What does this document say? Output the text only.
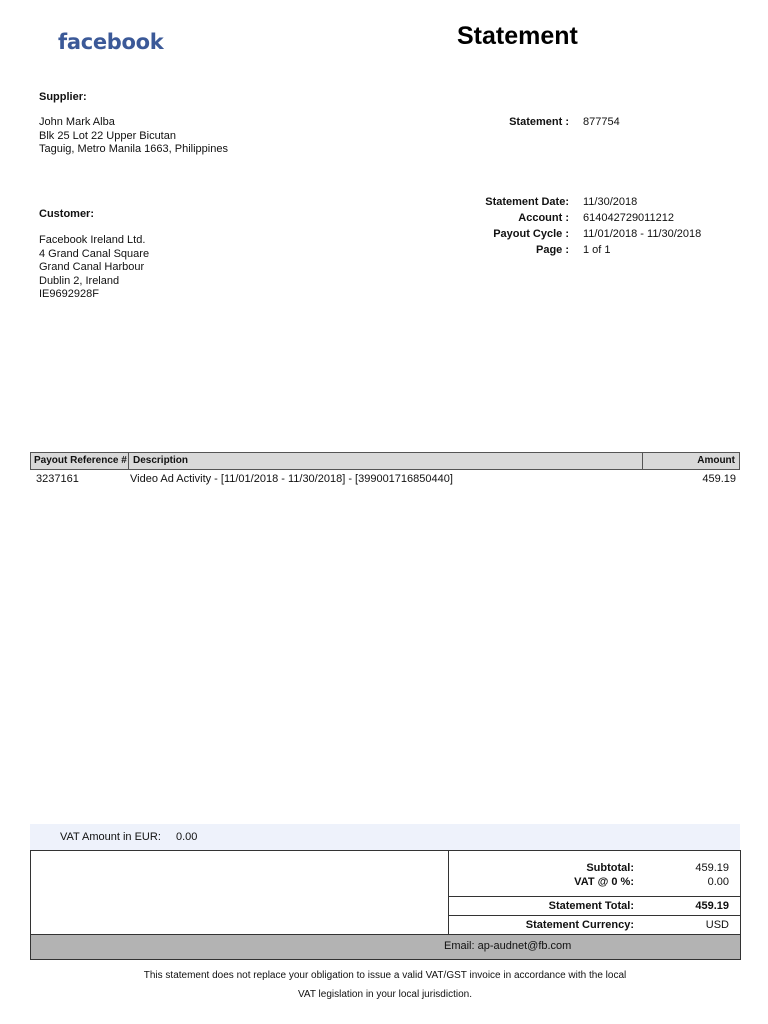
facebook	Statement
Supplier:
John Mark Alba
Blk 25 Lot 22 Upper Bicutan
Taguig, Metro Manila 1663, Philippines
Customer:
Facebook Ireland Ltd.
4 Grand Canal Square
Grand Canal Harbour
Dublin 2, Ireland
IE9692928F
Statement : 877754
Statement Date: 11/30/2018
Account : 614042729011212
Payout Cycle : 11/01/2018 - 11/30/2018
Page : 1 of 1
Payout Reference # Description	Amount
3237161	Video Ad Activity - [11/01/2018 - 11/30/2018] - [399001716850440]	459.19
VAT Amount in EUR: 0.00
Subtotal:	459.19
VAT @ 0 %:	0.00
Statement Total:	459.19
Statement Currency:	USD
Email: ap-audnet@fb.com
This statement does not replace your obligation to issue a valid VAT/GST invoice in accordance with the local
VAT legislation in your local jurisdiction.
